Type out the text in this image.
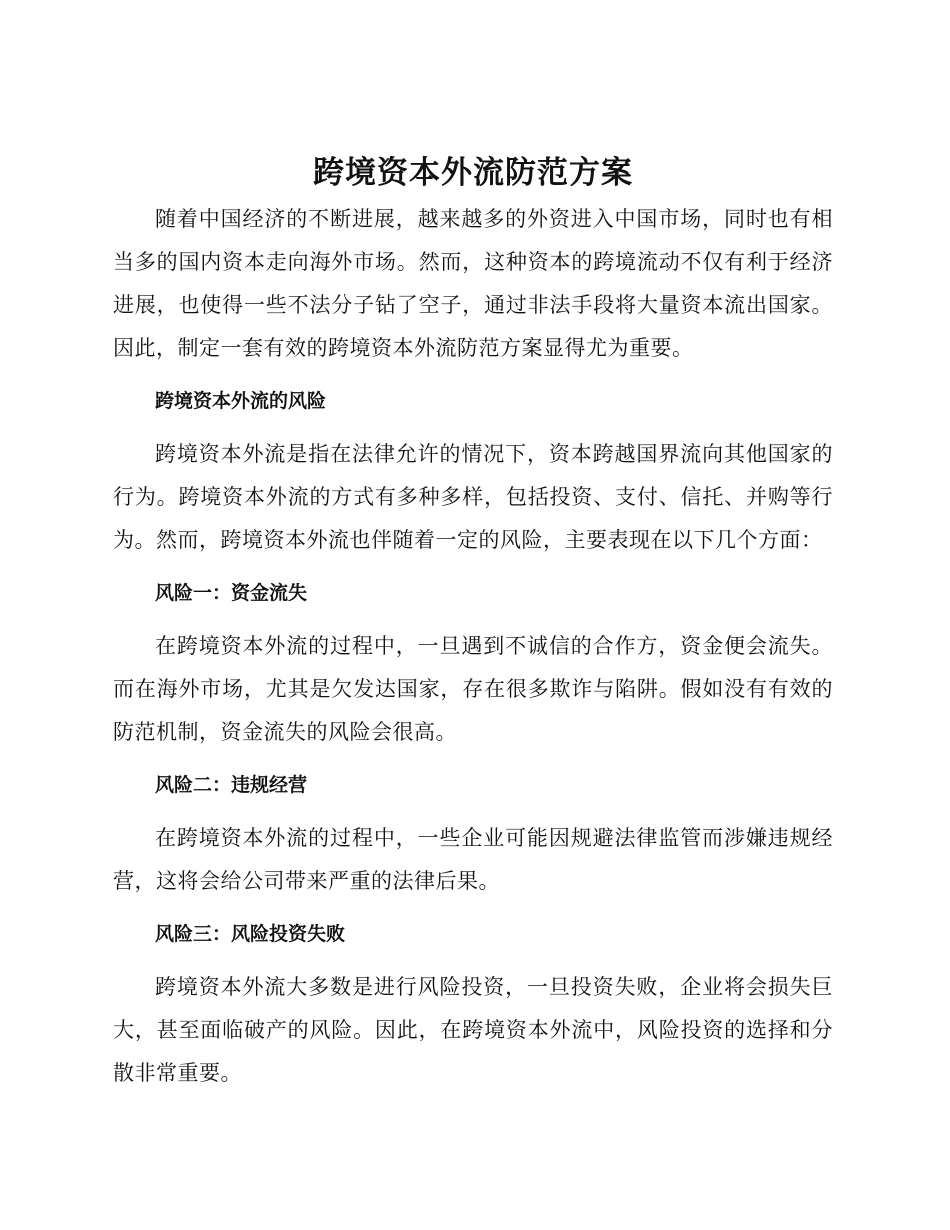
跨境资本外流防范方案

随着中国经济的不断进展，越来越多的外资进入中国市场，同时也有相当多的国内资本走向海外市场。然而，这种资本的跨境流动不仅有利于经济进展，也使得一些不法分子钻了空子，通过非法手段将大量资本流出国家。因此，制定一套有效的跨境资本外流防范方案显得尤为重要。

跨境资本外流的风险

跨境资本外流是指在法律允许的情况下，资本跨越国界流向其他国家的行为。跨境资本外流的方式有多种多样，包括投资、支付、信托、并购等行为。然而，跨境资本外流也伴随着一定的风险，主要表现在以下几个方面：

风险一：资金流失

在跨境资本外流的过程中，一旦遇到不诚信的合作方，资金便会流失。而在海外市场，尤其是欠发达国家，存在很多欺诈与陷阱。假如没有有效的防范机制，资金流失的风险会很高。

风险二：违规经营

在跨境资本外流的过程中，一些企业可能因规避法律监管而涉嫌违规经营，这将会给公司带来严重的法律后果。

风险三：风险投资失败

跨境资本外流大多数是进行风险投资，一旦投资失败，企业将会损失巨大，甚至面临破产的风险。因此，在跨境资本外流中，风险投资的选择和分散非常重要。
